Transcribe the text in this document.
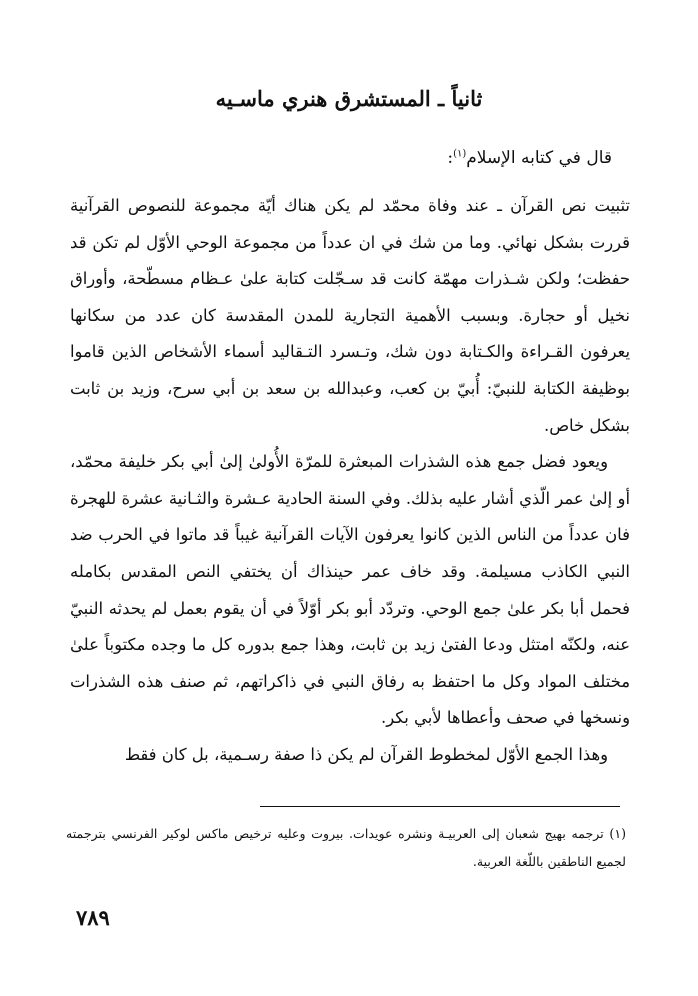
ثانياً ـ المستشرق هنري ماسـيه

قال في كتابه الإسلام$^{(١)}$:

تثبيت نص القرآن ـ عند وفاة محمّد لم يكن هناك أيّة مجموعة للنصوص القرآنية قررت بشكل نهائي. وما من شك في ان عدداً من مجموعة الوحي الأوّل لم تكن قد حفظت؛ ولكن شـذرات مهمّة كانت قد سـجّلت كتابة علىٰ عـظام مسطّحة، وأوراق نخيل أو حجارة. وبسبب الأهمية التجارية للمدن المقدسة كان عدد من سكانها يعرفون القـراءة والكـتابة دون شك، وتـسرد التـقاليد أسماء الأشخاص الذين قاموا بوظيفة الكتابة للنبيّ: أُبيّ بن كعب، وعبدالله بن سعد بن أبي سرح، وزيد بن ثابت بشكل خاص.

ويعود فضل جمع هذه الشذرات المبعثرة للمرّة الأُولىٰ إلىٰ أبي بكر خليفة محمّد، أو إلىٰ عمر الّذي أشار عليه بذلك. وفي السنة الحادية عـشرة والثـانية عشرة للهجرة فان عدداً من الناس الذين كانوا يعرفون الآيات القرآنية غيباً قد ماتوا في الحرب ضد النبي الكاذب مسيلمة. وقد خاف عمر حينذاك أن يختفي النص المقدس بكامله فحمل أبا بكر علىٰ جمع الوحي. وتردّد أبو بكر أوّلاً في أن يقوم بعمل لم يحدثه النبيّ عنه، ولكنّه امتثل ودعا الفتىٰ زيد بن ثابت، وهذا جمع بدوره كل ما وجده مكتوباً علىٰ مختلف المواد وكل ما احتفظ به رفاق النبي في ذاكراتهم، ثم صنف هذه الشذرات ونسخها في صحف وأعطاها لأبي بكر.

وهذا الجمع الأوّل لمخطوط القرآن لم يكن ذا صفة رسـمية، بل كان فقط

(١) ترجمه بهيج شعبان إلى العربيـة ونشره عويدات. بيروت وعليه ترخيص ماكس لوكير الفرنسي بترجمته لجميع الناطقين باللّغة العربية.

٧٨٩
